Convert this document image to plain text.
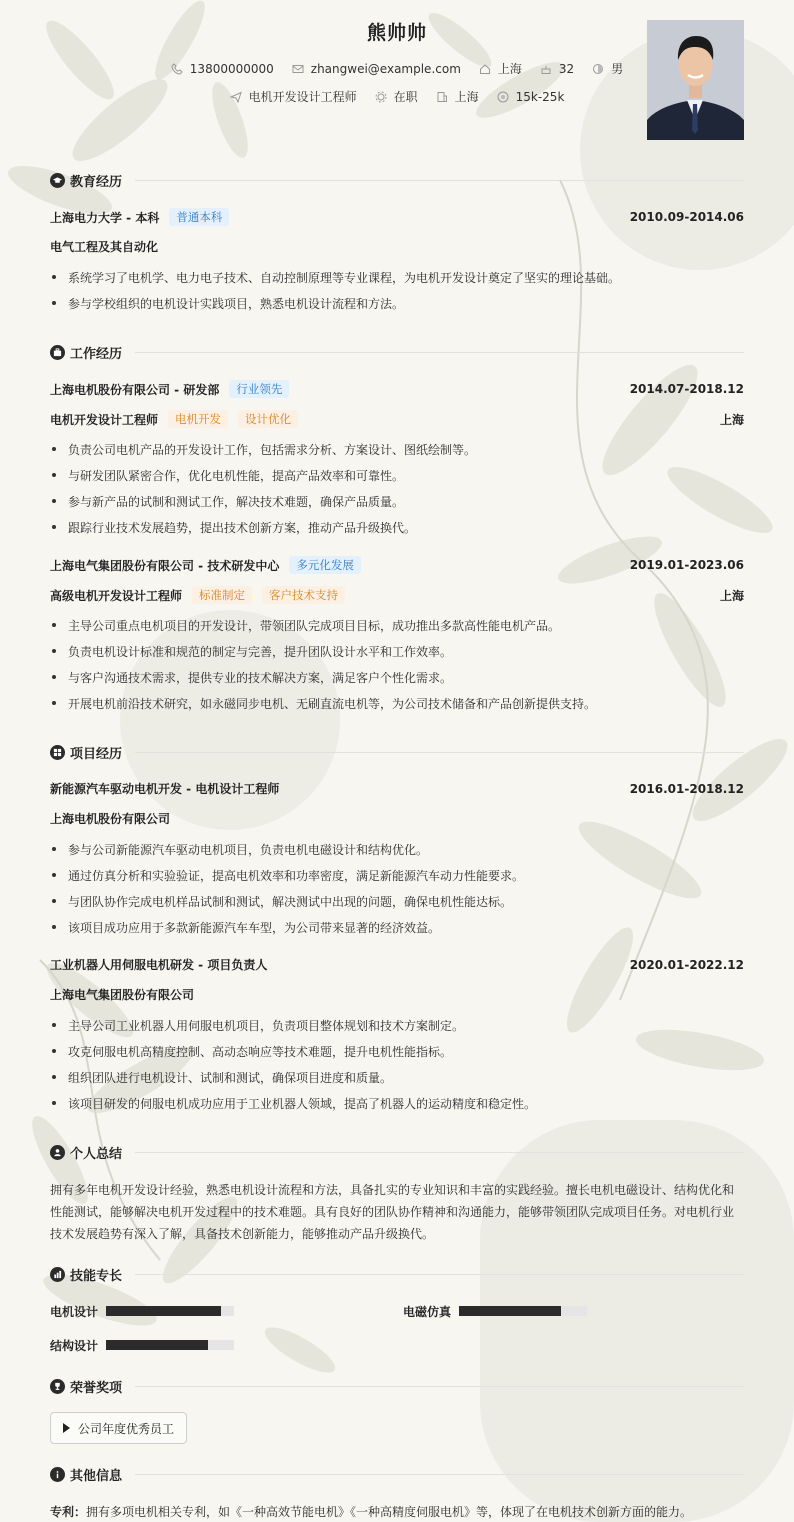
熊帅帅
13800000000	zhangwei@example.com	上海	32	男
电机开发设计工程师	在职	上海	15k-25k
教育经历
上海电力大学 - 本科	普通本科	2010.09-2014.06
电气工程及其自动化
系统学习了电机学、电力电子技术、自动控制原理等专业课程，为电机开发设计奠定了坚实的理论基础。
参与学校组织的电机设计实践项目，熟悉电机设计流程和方法。
工作经历
上海电机股份有限公司 - 研发部	行业领先	2014.07-2018.12
电机开发设计工程师	电机开发	设计优化	上海
负责公司电机产品的开发设计工作，包括需求分析、方案设计、图纸绘制等。
与研发团队紧密合作，优化电机性能，提高产品效率和可靠性。
参与新产品的试制和测试工作，解决技术难题，确保产品质量。
跟踪行业技术发展趋势，提出技术创新方案，推动产品升级换代。
上海电气集团股份有限公司 - 技术研发中心	多元化发展	2019.01-2023.06
高级电机开发设计工程师	标准制定	客户技术支持	上海
主导公司重点电机项目的开发设计，带领团队完成项目目标，成功推出多款高性能电机产品。
负责电机设计标准和规范的制定与完善，提升团队设计水平和工作效率。
与客户沟通技术需求，提供专业的技术解决方案，满足客户个性化需求。
开展电机前沿技术研究，如永磁同步电机、无刷直流电机等，为公司技术储备和产品创新提供支持。
项目经历
新能源汽车驱动电机开发 - 电机设计工程师	2016.01-2018.12
上海电机股份有限公司
参与公司新能源汽车驱动电机项目，负责电机电磁设计和结构优化。
通过仿真分析和实验验证，提高电机效率和功率密度，满足新能源汽车动力性能要求。
与团队协作完成电机样品试制和测试，解决测试中出现的问题，确保电机性能达标。
该项目成功应用于多款新能源汽车车型，为公司带来显著的经济效益。
工业机器人用伺服电机研发 - 项目负责人	2020.01-2022.12
上海电气集团股份有限公司
主导公司工业机器人用伺服电机项目，负责项目整体规划和技术方案制定。
攻克伺服电机高精度控制、高动态响应等技术难题，提升电机性能指标。
组织团队进行电机设计、试制和测试，确保项目进度和质量。
该项目研发的伺服电机成功应用于工业机器人领域，提高了机器人的运动精度和稳定性。
个人总结
拥有多年电机开发设计经验，熟悉电机设计流程和方法，具备扎实的专业知识和丰富的实践经验。擅长电机电磁设计、结构优化和
性能测试，能够解决电机开发过程中的技术难题。具有良好的团队协作精神和沟通能力，能够带领团队完成项目任务。对电机行业
技术发展趋势有深入了解，具备技术创新能力，能够推动产品升级换代。
技能专长
电机设计	电磁仿真
结构设计
荣誉奖项
公司年度优秀员工
其他信息
专利：拥有多项电机相关专利，如《一种高效节能电机》《一种高精度伺服电机》等，体现了在电机技术创新方面的能力。
